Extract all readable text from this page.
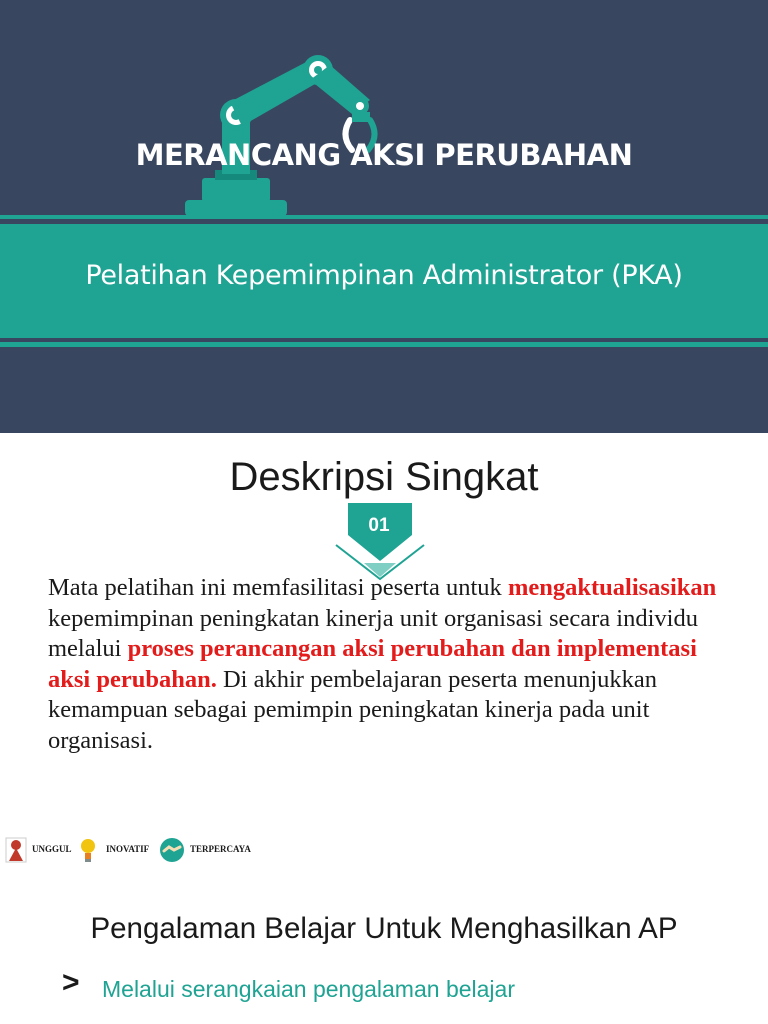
MERANCANG AKSI PERUBAHAN
Pelatihan Kepemimpinan Administrator (PKA)
Deskripsi Singkat
01
Mata pelatihan ini memfasilitasi peserta untuk mengaktualisasikan kepemimpinan peningkatan kinerja unit organisasi secara individu melalui proses perancangan aksi perubahan dan implementasi aksi perubahan. Di akhir pembelajaran peserta menunjukkan kemampuan sebagai pemimpin peningkatan kinerja pada unit organisasi.
UNGGUL	INOVATIF	TERPERCAYA
Pengalaman Belajar Untuk Menghasilkan AP
> Melalui serangkaian pengalaman belajar
